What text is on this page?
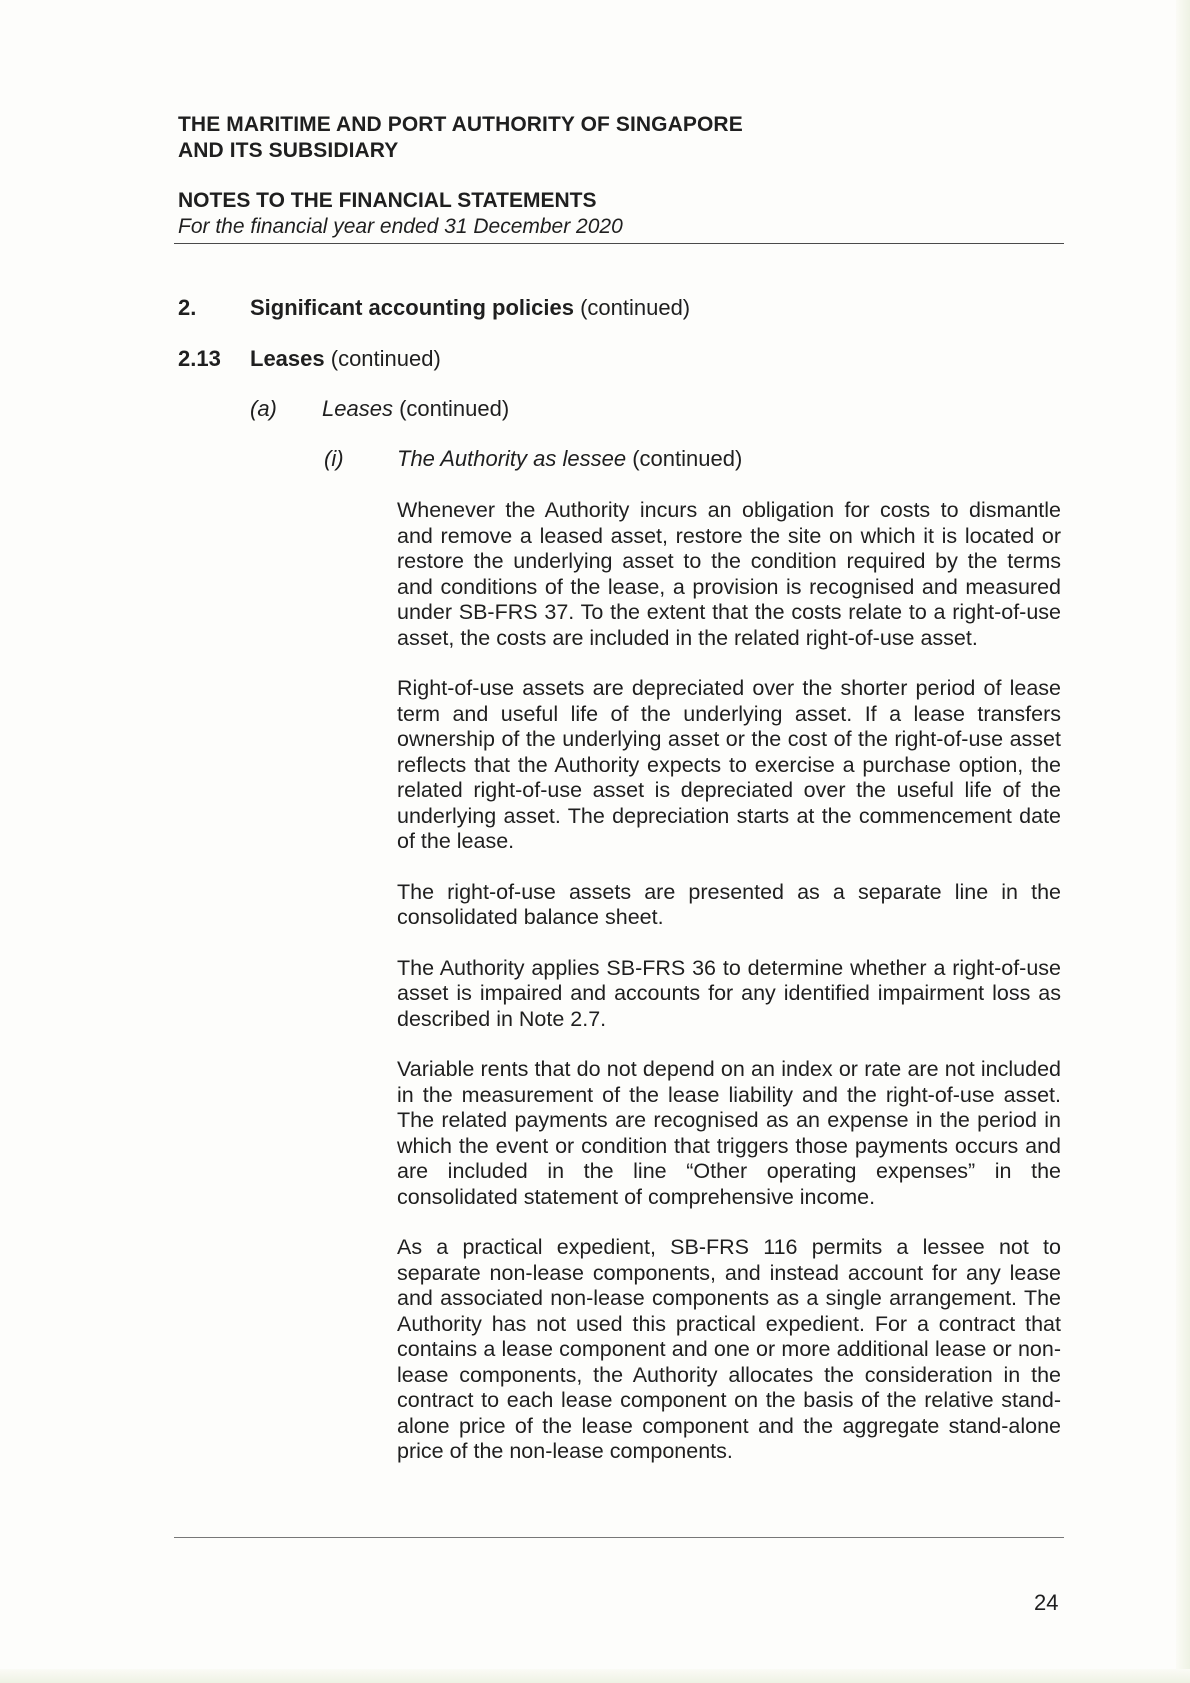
THE MARITIME AND PORT AUTHORITY OF SINGAPORE
AND ITS SUBSIDIARY
NOTES TO THE FINANCIAL STATEMENTS
For the financial year ended 31 December 2020
2. Significant accounting policies (continued)
2.13 Leases (continued)
(a) Leases (continued)
(i) The Authority as lessee (continued)

Whenever the Authority incurs an obligation for costs to dismantle and remove a leased asset, restore the site on which it is located or restore the underlying asset to the condition required by the terms and conditions of the lease, a provision is recognised and measured under SB-FRS 37. To the extent that the costs relate to a right-of-use asset, the costs are included in the related right-of-use asset.

Right-of-use assets are depreciated over the shorter period of lease term and useful life of the underlying asset. If a lease transfers ownership of the underlying asset or the cost of the right-of-use asset reflects that the Authority expects to exercise a purchase option, the related right-of-use asset is depreciated over the useful life of the underlying asset. The depreciation starts at the commencement date of the lease.

The right-of-use assets are presented as a separate line in the consolidated balance sheet.

The Authority applies SB-FRS 36 to determine whether a right-of-use asset is impaired and accounts for any identified impairment loss as described in Note 2.7.

Variable rents that do not depend on an index or rate are not included in the measurement of the lease liability and the right-of-use asset. The related payments are recognised as an expense in the period in which the event or condition that triggers those payments occurs and are included in the line “Other operating expenses” in the consolidated statement of comprehensive income.

As a practical expedient, SB-FRS 116 permits a lessee not to separate non-lease components, and instead account for any lease and associated non-lease components as a single arrangement. The Authority has not used this practical expedient. For a contract that contains a lease component and one or more additional lease or non-lease components, the Authority allocates the consideration in the contract to each lease component on the basis of the relative stand-alone price of the lease component and the aggregate stand-alone price of the non-lease components.

24
